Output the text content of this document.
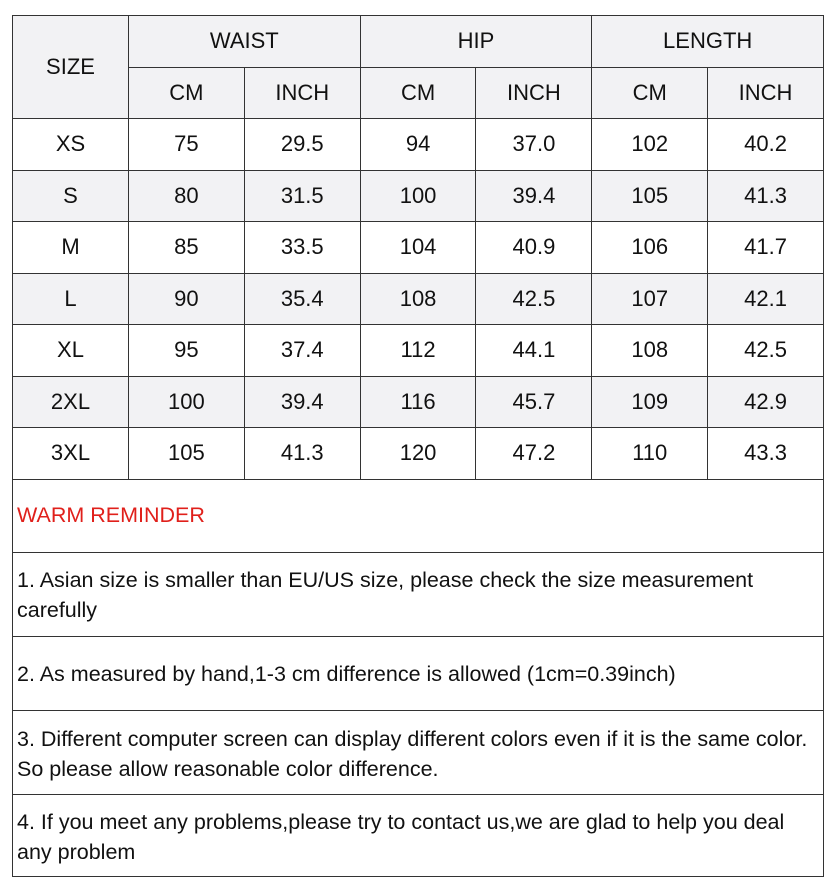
SIZE	WAIST		HIP		LENGTH	
	CM	INCH	CM	INCH	CM	INCH
XS	75	29.5	94	37.0	102	40.2
S	80	31.5	100	39.4	105	41.3
M	85	33.5	104	40.9	106	41.7
L	90	35.4	108	42.5	107	42.1
XL	95	37.4	112	44.1	108	42.5
2XL	100	39.4	116	45.7	109	42.9
3XL	105	41.3	120	47.2	110	43.3
WARM REMINDER
1. Asian size is smaller than EU/US size, please check the size measurement carefully
2. As measured by hand,1-3 cm difference is allowed (1cm=0.39inch)
3. Different computer screen can display different colors even if it is the same color. So please allow reasonable color difference.
4. If you meet any problems,please try to contact us,we are glad to help you deal any problem
